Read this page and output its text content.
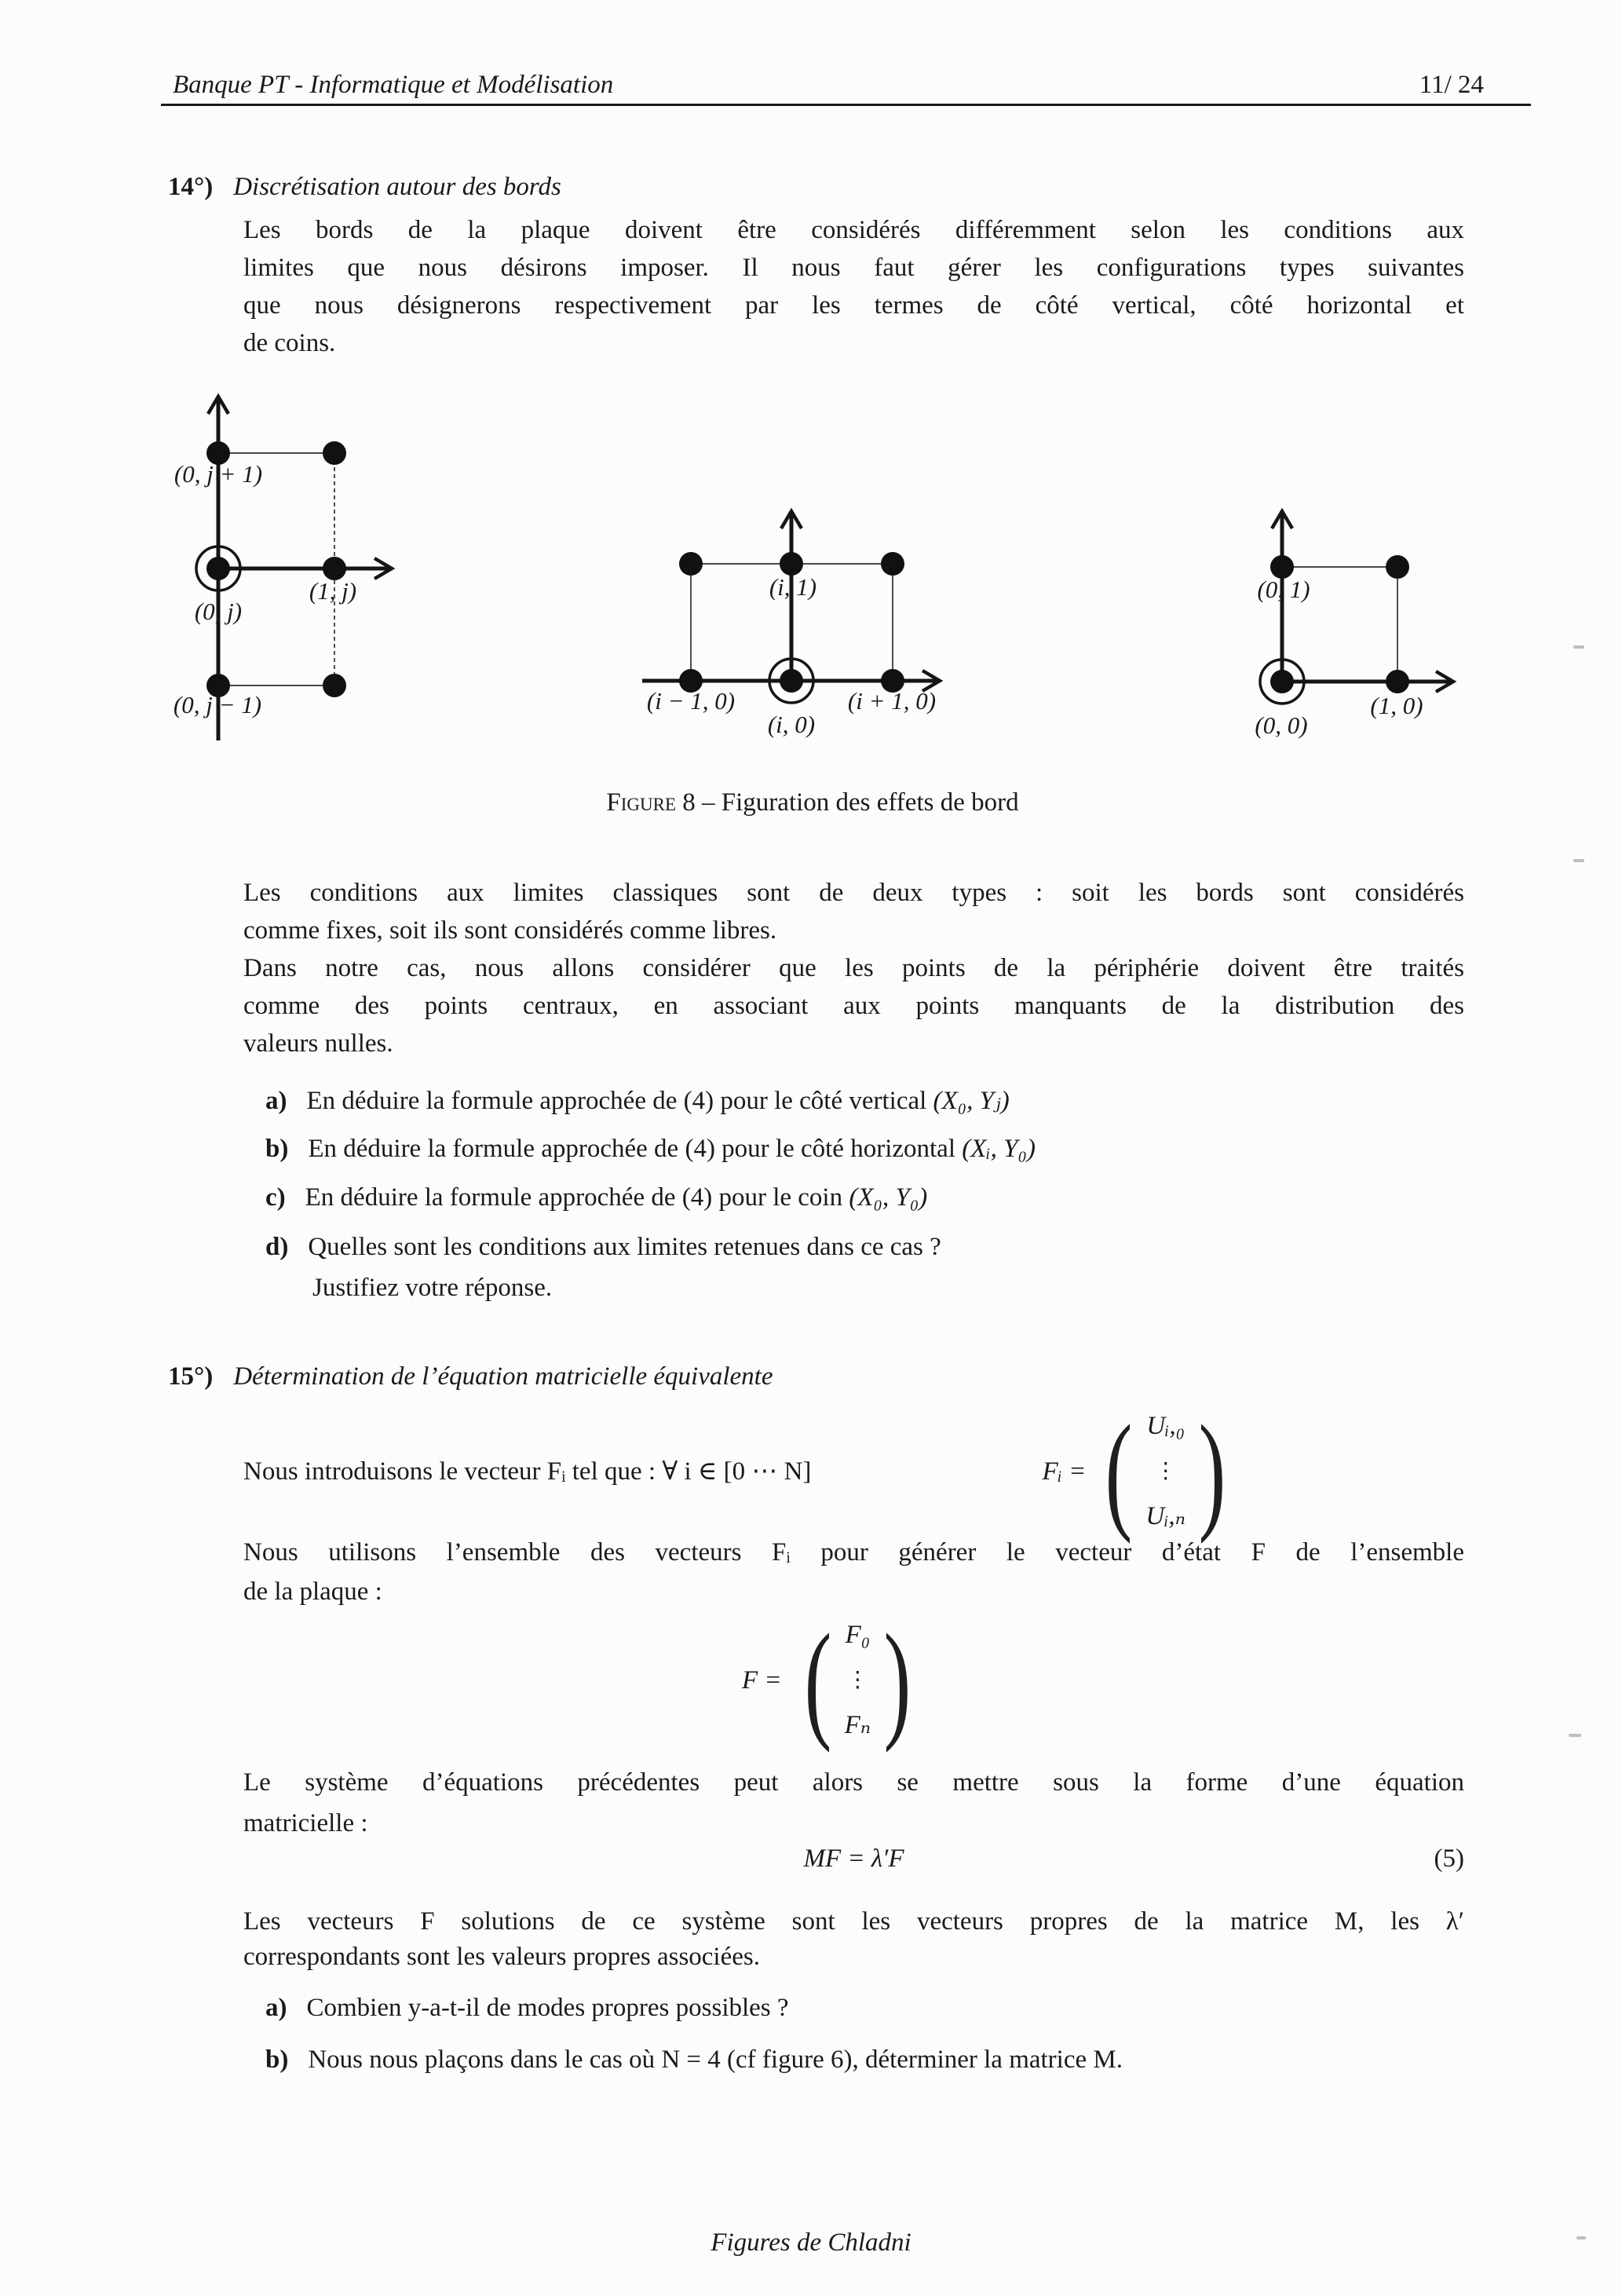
Banque PT - Informatique et Modélisation	11/ 24
14°) Discrétisation autour des bords
Les bords de la plaque doivent être considérés différemment selon les conditions aux
limites que nous désirons imposer. Il nous faut gérer les configurations types suivantes
que nous désignerons respectivement par les termes de côté vertical, côté horizontal et
de coins.
(0, j + 1)
(0, j)
(1, j)
(0, j − 1)
(i, 1)
(i − 1, 0)	(i + 1, 0)
(i, 0)
(0, 1)
(1, 0)
(0, 0)
Figure 8 – Figuration des effets de bord
Les conditions aux limites classiques sont de deux types : soit les bords sont considérés
comme fixes, soit ils sont considérés comme libres.
Dans notre cas, nous allons considérer que les points de la périphérie doivent être traités
comme des points centraux, en associant aux points manquants de la distribution des
valeurs nulles.
a) En déduire la formule approchée de (4) pour le côté vertical (X₀, Yⱼ)
b) En déduire la formule approchée de (4) pour le côté horizontal (Xᵢ, Y₀)
c) En déduire la formule approchée de (4) pour le coin (X₀, Y₀)
d) Quelles sont les conditions aux limites retenues dans ce cas ?
Justifiez votre réponse.
15°) Détermination de l’équation matricielle équivalente
Nous introduisons le vecteur Fᵢ tel que : ∀ i ∈ [0 ⋯ N]	Fᵢ = ( Uᵢ,₀
⋮
Uᵢ,ₙ )
Nous utilisons l’ensemble des vecteurs Fᵢ pour générer le vecteur d’état F de l’ensemble
de la plaque :
F = ( F₀
⋮
Fₙ )
Le système d’équations précédentes peut alors se mettre sous la forme d’une équation
matricielle :
MF = λ′F	(5)
Les vecteurs F solutions de ce système sont les vecteurs propres de la matrice M, les λ′
correspondants sont les valeurs propres associées.
a) Combien y-a-t-il de modes propres possibles ?
b) Nous nous plaçons dans le cas où N = 4 (cf figure 6), déterminer la matrice M.
Figures de Chladni
